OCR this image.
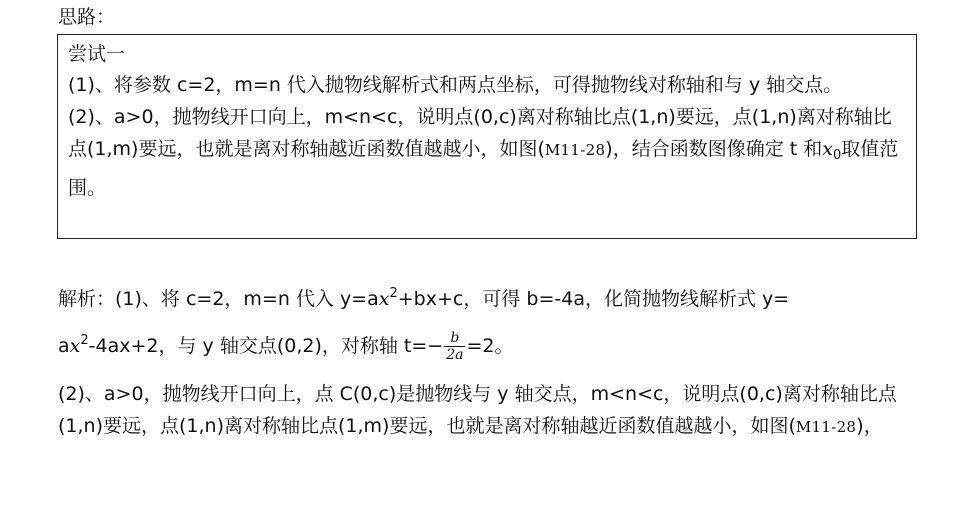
思路：

尝试一

(1)、将参数 c=2，m=n 代入抛物线解析式和两点坐标，可得抛物线对称轴和与 y 轴交点。

(2)、a>0，抛物线开口向上，m<n<c，说明点(0,c)离对称轴比点(1,n)要远，点(1,n)离对称轴比点(1,m)要远，也就是离对称轴越近函数值越越小，如图(M11-28)，结合函数图像确定 t 和$x_0$取值范围。

解析：(1)、将 c=2，m=n 代入 $y=ax^2+bx+c$，可得 b=-4a，化简抛物线解析式 y=

$ax^2-4ax+2$，与 y 轴交点(0,2)，对称轴 $t=- \frac{b}{2a} =2$。

(2)、a>0，抛物线开口向上，点 C(0,c)是抛物线与 y 轴交点，m<n<c，说明点(0,c)离对称轴比点(1,n)要远，点(1,n)离对称轴比点(1,m)要远，也就是离对称轴越近函数值越越小，如图(M11-28)，
